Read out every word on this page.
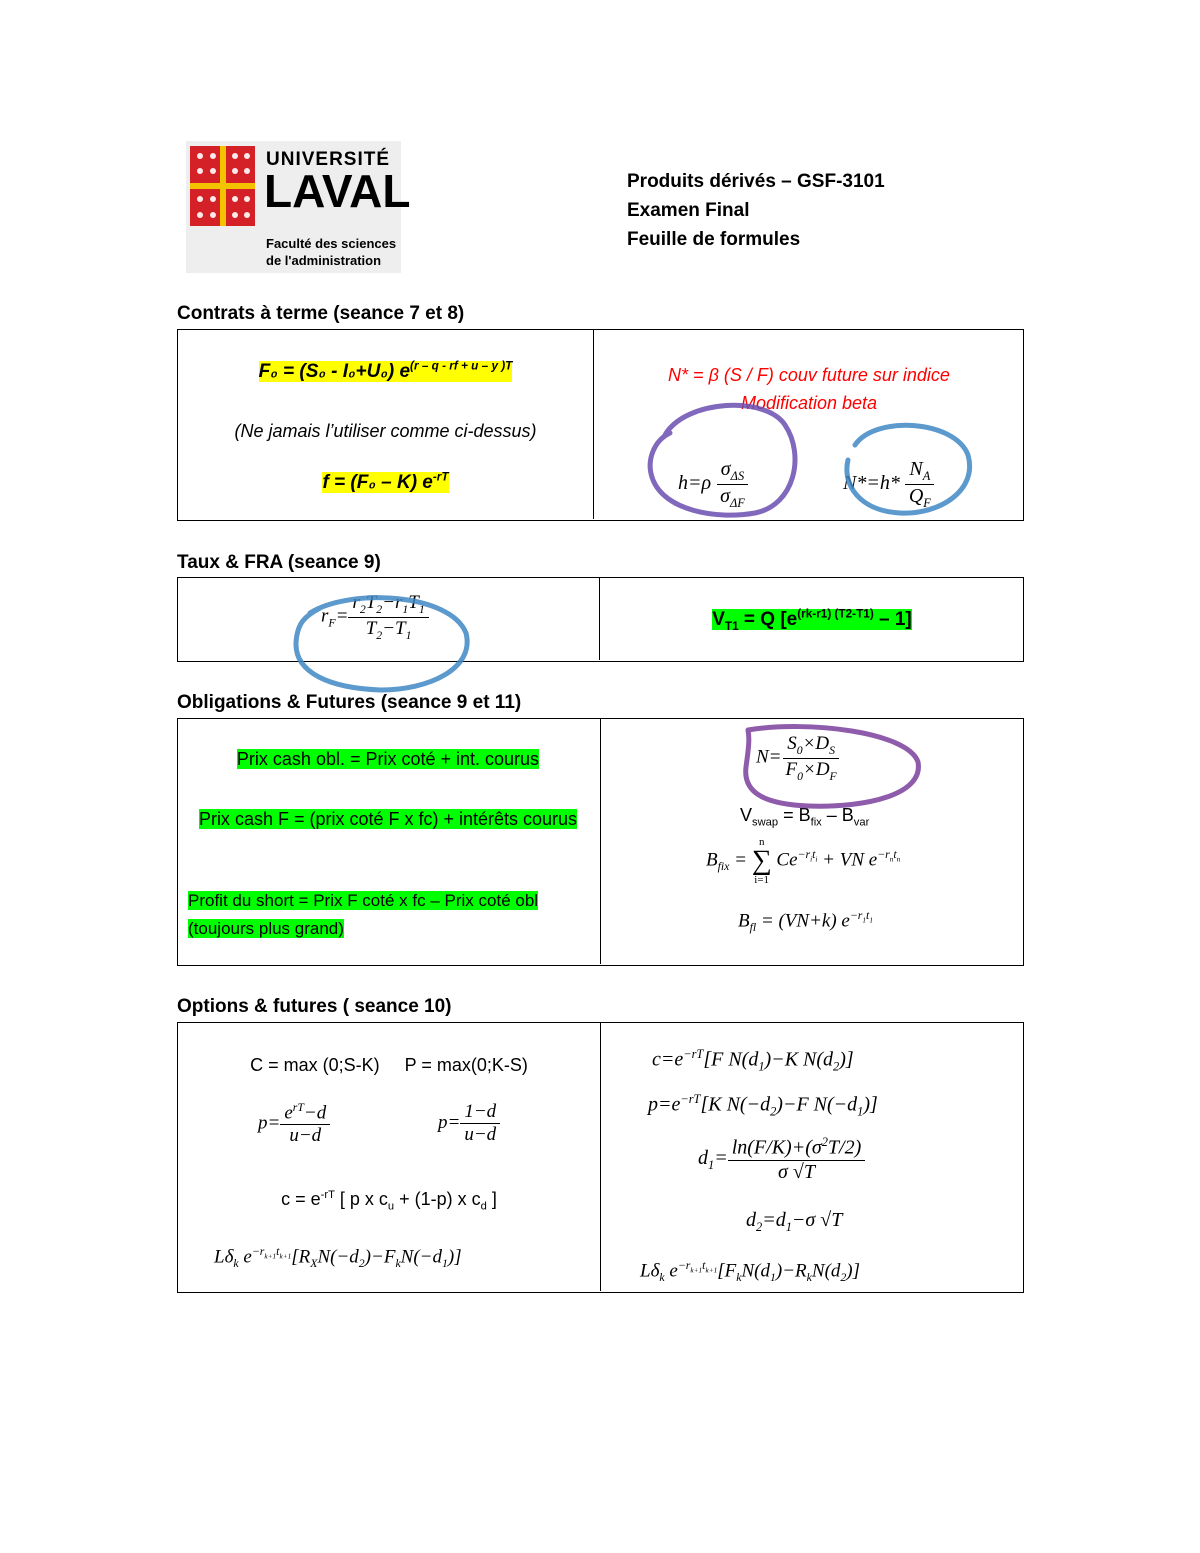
UNIVERSITÉ
LAVAL
Faculté des sciences
de l'administration
Produits dérivés – GSF-3101
Examen Final
Feuille de formules
Contrats à terme (seance 7 et 8)
F₀ = (S₀ - I₀+U₀) $e^{(r - q - rf + u - y )T}$
(Ne jamais l’utiliser comme ci-dessus)
f = (F₀ – K) $e^{-rT}$
N* = β (S / F) couv future sur indice
Modification beta
$h=\rho \frac{\sigma_{\Delta S}}{\sigma_{\Delta F}}$	$N*=h* \frac{N_A}{Q_F}$
Taux & FRA (seance 9)
$r_F= \frac{r_2T_2-r_1T_1}{T_2-T_1}$	$V_{T1} = Q$ $[e^{(rk-r1) (T2-T1)} - 1]$
Obligations & Futures (seance 9 et 11)
Prix cash obl. = Prix coté + int. courus
Prix cash F = (prix coté F x fc) + intérêts courus
Profit du short = Prix F coté x fc – Prix coté obl (toujours plus grand)
$N= \frac{S_0\times D_S}{F_0\times D_F}$
$V_{swap} = B_{fix} - B_{var}$
$B_{fix}$ =
n
∑
i=1
$Ce^{-r_it_i}$ + VN $e^{-r_nt_n}$
$B_{fl} = (VN+k)$ $e^{-r_1t_1}$
Options & futures ( seance 10)
C = max (0;S-K)     P = max(0;K-S)
$p= \frac{e^{rT}-d}{u-d}$	$p= \frac{1-d}{u-d}$
$c = e^{-rT}$ [ p x $c_u + (1-p)$ x $c_d$ ]
$L\delta_k$ $e^{-r_{k+1}t_{k+1}}[R_XN(-d_2)-F_kN(-d_1)]$
$c=e^{-rT}[F$ $N(d_1)-K$ $N(d_2)$]
$p=e^{-rT}[K$ $N(-d_2)-F$ $N(-d_1)$]
$d_1= \frac{\ln(F/K)+(\sigma^2T/2)}{\sigma √T}$
$d_2=d_1-\sigma$ √T
$L\delta_k$ $e^{-r_{k+1}t_{k+1}}[F_kN(d_1)-R_kN(d_2)]$
